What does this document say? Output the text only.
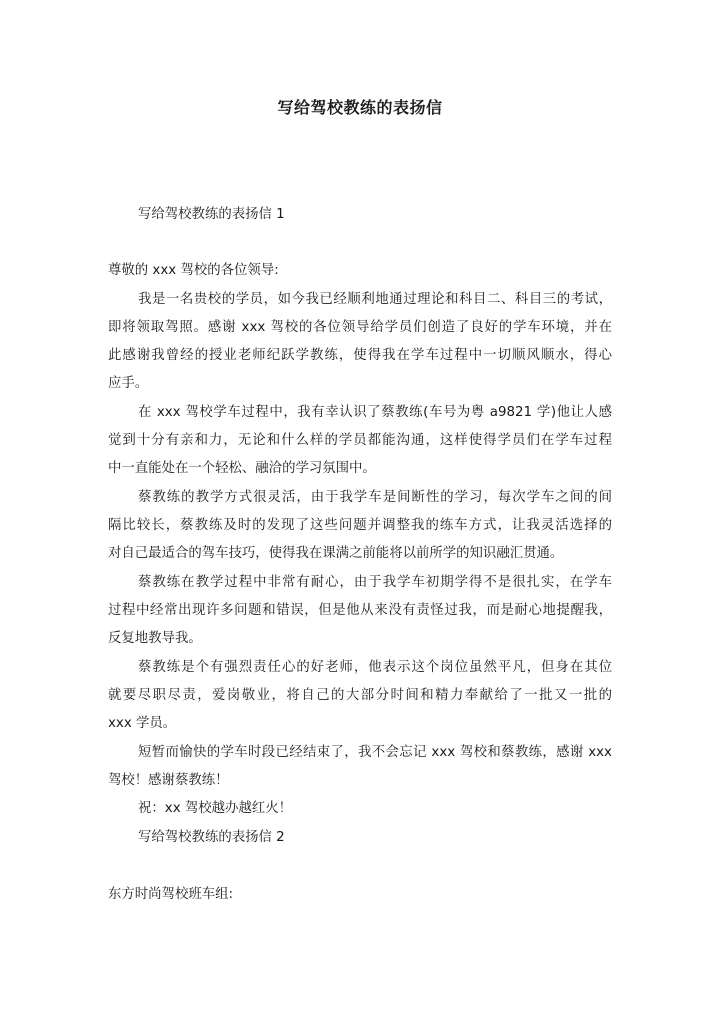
写给驾校教练的表扬信
写给驾校教练的表扬信 1
尊敬的 xxx 驾校的各位领导:
我是一名贵校的学员，如今我已经顺利地通过理论和科目二、科目三的考试，
即将领取驾照。感谢 xxx 驾校的各位领导给学员们创造了良好的学车环境，并在
此感谢我曾经的授业老师纪跃学教练，使得我在学车过程中一切顺风顺水，得心
应手。
在 xxx 驾校学车过程中，我有幸认识了蔡教练(车号为粤 a9821 学)他让人感
觉到十分有亲和力，无论和什么样的学员都能沟通，这样使得学员们在学车过程
中一直能处在一个轻松、融洽的学习氛围中。
蔡教练的教学方式很灵活，由于我学车是间断性的学习，每次学车之间的间
隔比较长，蔡教练及时的发现了这些问题并调整我的练车方式，让我灵活选择的
对自己最适合的驾车技巧，使得我在课满之前能将以前所学的知识融汇贯通。
蔡教练在教学过程中非常有耐心，由于我学车初期学得不是很扎实，在学车
过程中经常出现许多问题和错误，但是他从来没有责怪过我，而是耐心地提醒我，
反复地教导我。
蔡教练是个有强烈责任心的好老师，他表示这个岗位虽然平凡，但身在其位
就要尽职尽责，爱岗敬业，将自己的大部分时间和精力奉献给了一批又一批的
xxx 学员。
短暂而愉快的学车时段已经结束了，我不会忘记 xxx 驾校和蔡教练，感谢 xxx
驾校！感谢蔡教练！
祝：xx 驾校越办越红火！
写给驾校教练的表扬信 2
东方时尚驾校班车组:
